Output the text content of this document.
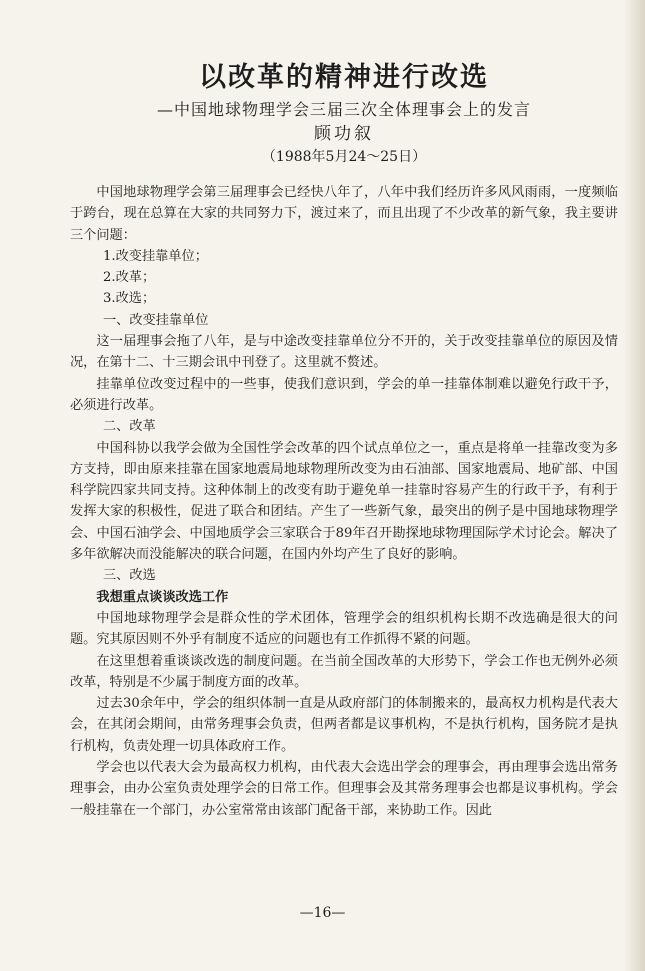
以改革的精神进行改选
—中国地球物理学会三届三次全体理事会上的发言
顾功叙
（1988年5月24～25日）

中国地球物理学会第三届理事会已经快八年了，八年中我们经历许多风风雨雨，一度频临于跨台，现在总算在大家的共同努力下，渡过来了，而且出现了不少改革的新气象，我主要讲三个问题：

1.改变挂靠单位；

2.改革；

3.改选；

一、改变挂靠单位

这一届理事会拖了八年，是与中途改变挂靠单位分不开的，关于改变挂靠单位的原因及情况，在第十二、十三期会讯中刊登了。这里就不赘述。

挂靠单位改变过程中的一些事，使我们意识到，学会的单一挂靠体制难以避免行政干予，必须进行改革。

二、改革

中国科协以我学会做为全国性学会改革的四个试点单位之一，重点是将单一挂靠改变为多方支持，即由原来挂靠在国家地震局地球物理所改变为由石油部、国家地震局、地矿部、中国科学院四家共同支持。这种体制上的改变有助于避免单一挂靠时容易产生的行政干予，有利于发挥大家的积极性，促进了联合和团结。产生了一些新气象，最突出的例子是中国地球物理学会、中国石油学会、中国地质学会三家联合于89年召开勘探地球物理国际学术讨论会。解决了多年欲解决而没能解决的联合问题，在国内外均产生了良好的影响。

三、改选

我想重点谈谈改选工作

中国地球物理学会是群众性的学术团体，管理学会的组织机构长期不改选确是很大的问题。究其原因则不外乎有制度不适应的问题也有工作抓得不紧的问题。

在这里想着重谈谈改选的制度问题。在当前全国改革的大形势下，学会工作也无例外必须改革，特别是不少属于制度方面的改革。

过去30余年中，学会的组织体制一直是从政府部门的体制搬来的，最高权力机构是代表大会，在其闭会期间，由常务理事会负责，但两者都是议事机构，不是执行机构，国务院才是执行机构，负责处理一切具体政府工作。

学会也以代表大会为最高权力机构，由代表大会选出学会的理事会，再由理事会选出常务理事会，由办公室负责处理学会的日常工作。但理事会及其常务理事会也都是议事机构。学会一般挂靠在一个部门，办公室常常由该部门配备干部，来协助工作。因此

—16—
